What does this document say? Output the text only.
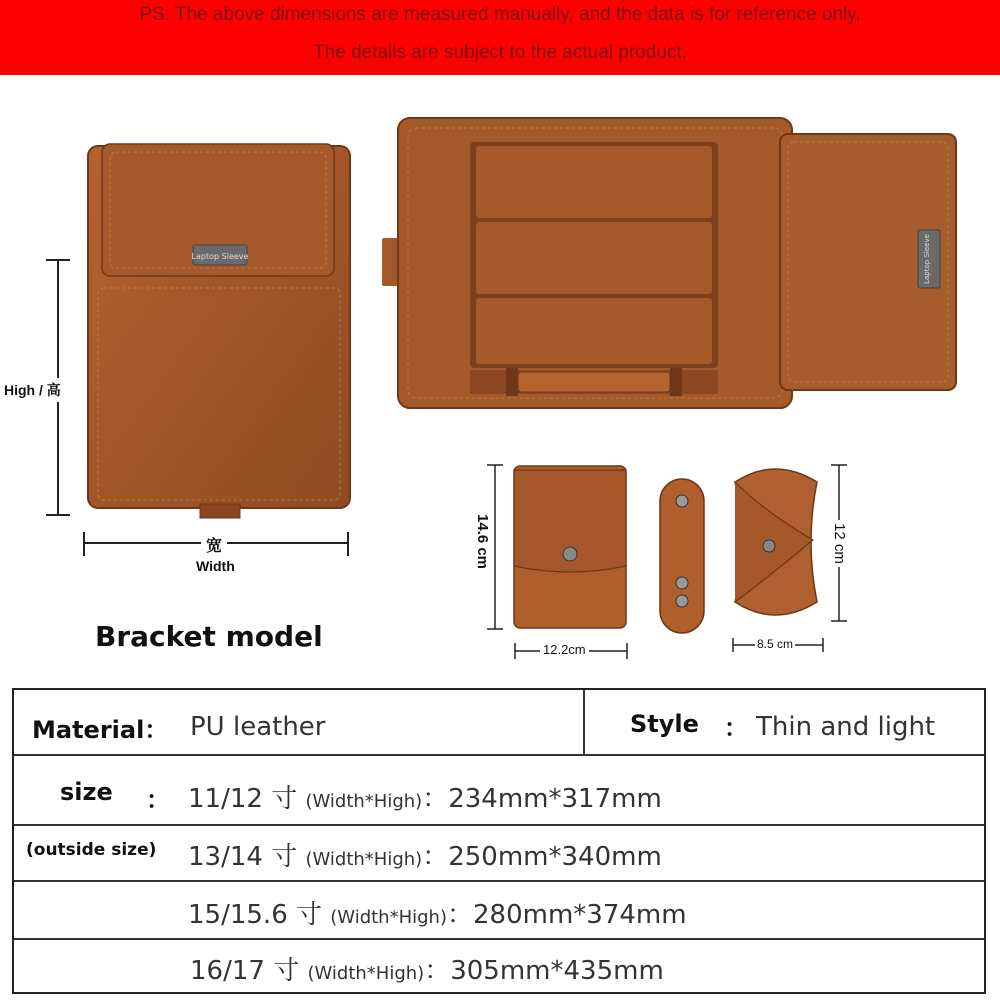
PS: The above dimensions are measured manually, and the data is for reference only.
The details are subject to the actual product.
High / 高
Laptop Sleeve
宽
Width
Laptop Sleeve
14.6 cm
12.2cm
12 cm
8.5 cm
Bracket model
Material： PU leather	Style ： Thin and light
size ：
(outside size)
11/12 寸 (Width*High)：234mm*317mm
13/14 寸 (Width*High)：250mm*340mm
15/15.6 寸 (Width*High)：280mm*374mm
16/17 寸 (Width*High)：305mm*435mm
